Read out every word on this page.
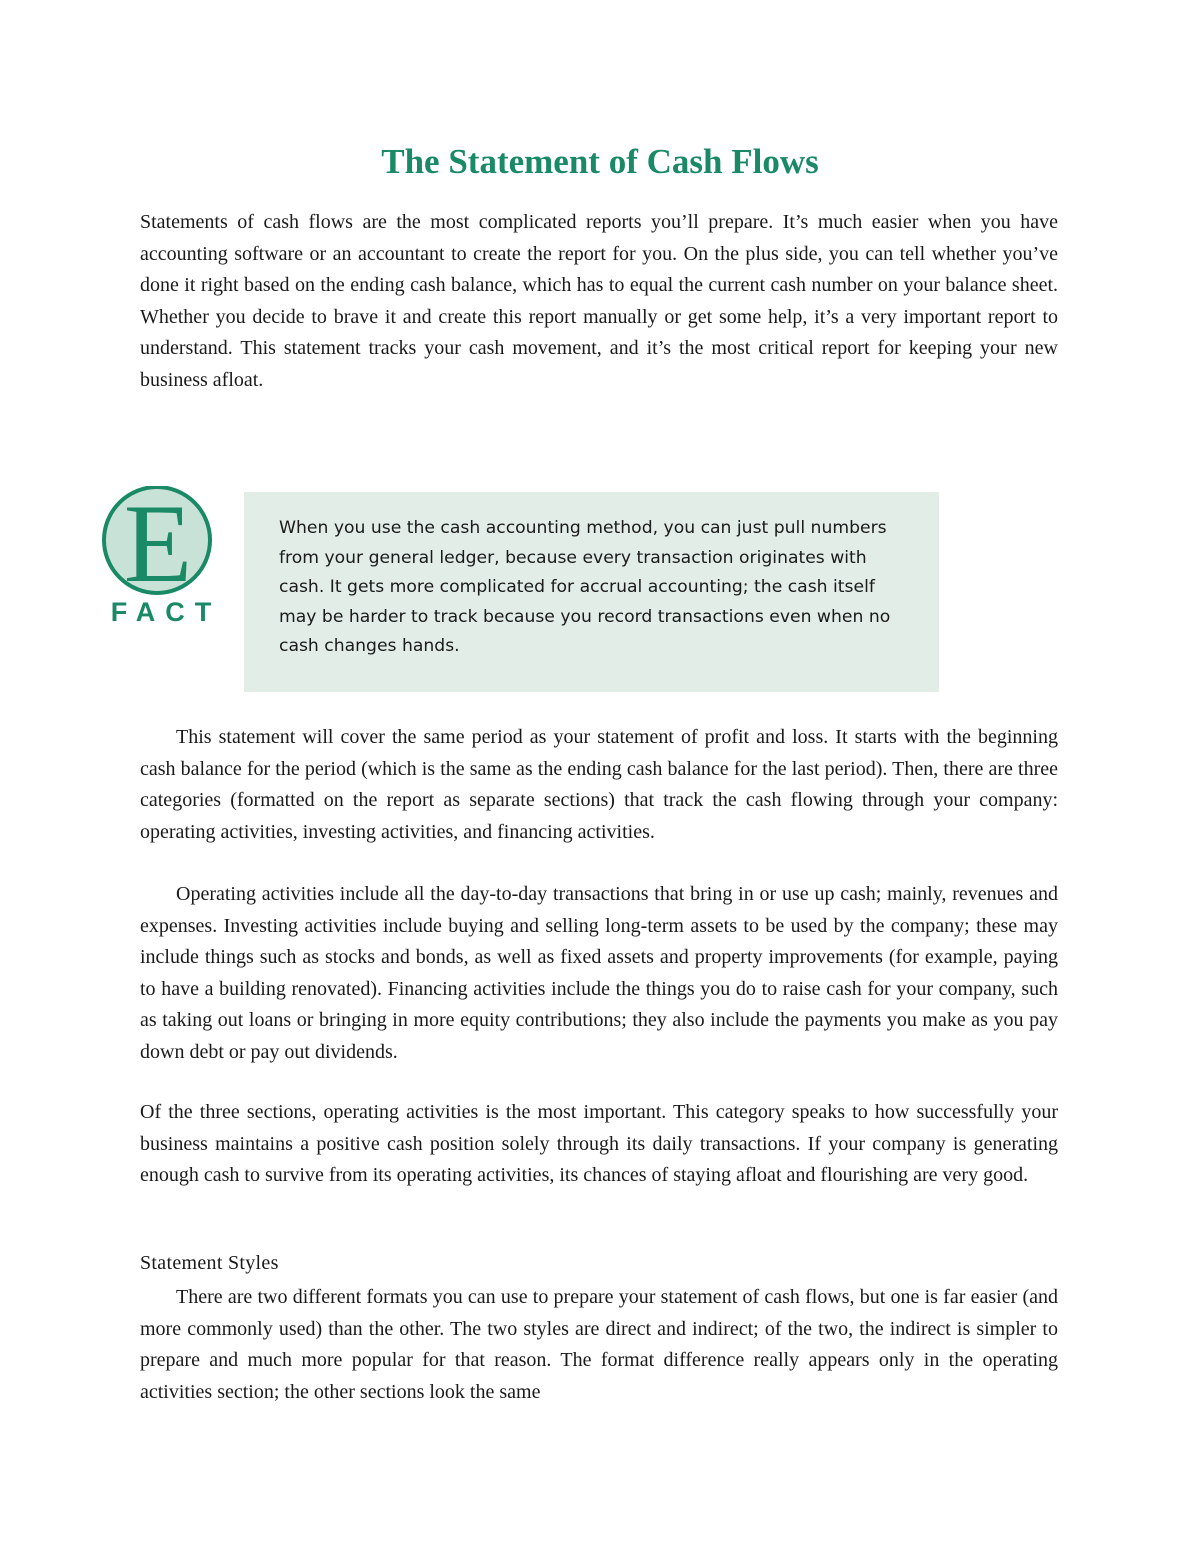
The Statement of Cash Flows

Statements of cash flows are the most complicated reports you’ll prepare. It’s much easier when you have accounting software or an accountant to create the report for you. On the plus side, you can tell whether you’ve done it right based on the ending cash balance, which has to equal the current cash number on your balance sheet. Whether you decide to brave it and create this report manually or get some help, it’s a very important report to understand. This statement tracks your cash movement, and it’s the most critical report for keeping your new business afloat.

E
FACT

When you use the cash accounting method, you can just pull numbers from your general ledger, because every transaction originates with cash. It gets more complicated for accrual accounting; the cash itself may be harder to track because you record transactions even when no cash changes hands.

This statement will cover the same period as your statement of profit and loss. It starts with the beginning cash balance for the period (which is the same as the ending cash balance for the last period). Then, there are three categories (formatted on the report as separate sections) that track the cash flowing through your company: operating activities, investing activities, and financing activities.

Operating activities include all the day-to-day transactions that bring in or use up cash; mainly, revenues and expenses. Investing activities include buying and selling long-term assets to be used by the company; these may include things such as stocks and bonds, as well as fixed assets and property improvements (for example, paying to have a building renovated). Financing activities include the things you do to raise cash for your company, such as taking out loans or bringing in more equity contributions; they also include the payments you make as you pay down debt or pay out dividends.

Of the three sections, operating activities is the most important. This category speaks to how successfully your business maintains a positive cash position solely through its daily transactions. If your company is generating enough cash to survive from its operating activities, its chances of staying afloat and flourishing are very good.

Statement Styles

There are two different formats you can use to prepare your statement of cash flows, but one is far easier (and more commonly used) than the other. The two styles are direct and indirect; of the two, the indirect is simpler to prepare and much more popular for that reason. The format difference really appears only in the operating activities section; the other sections look the same
